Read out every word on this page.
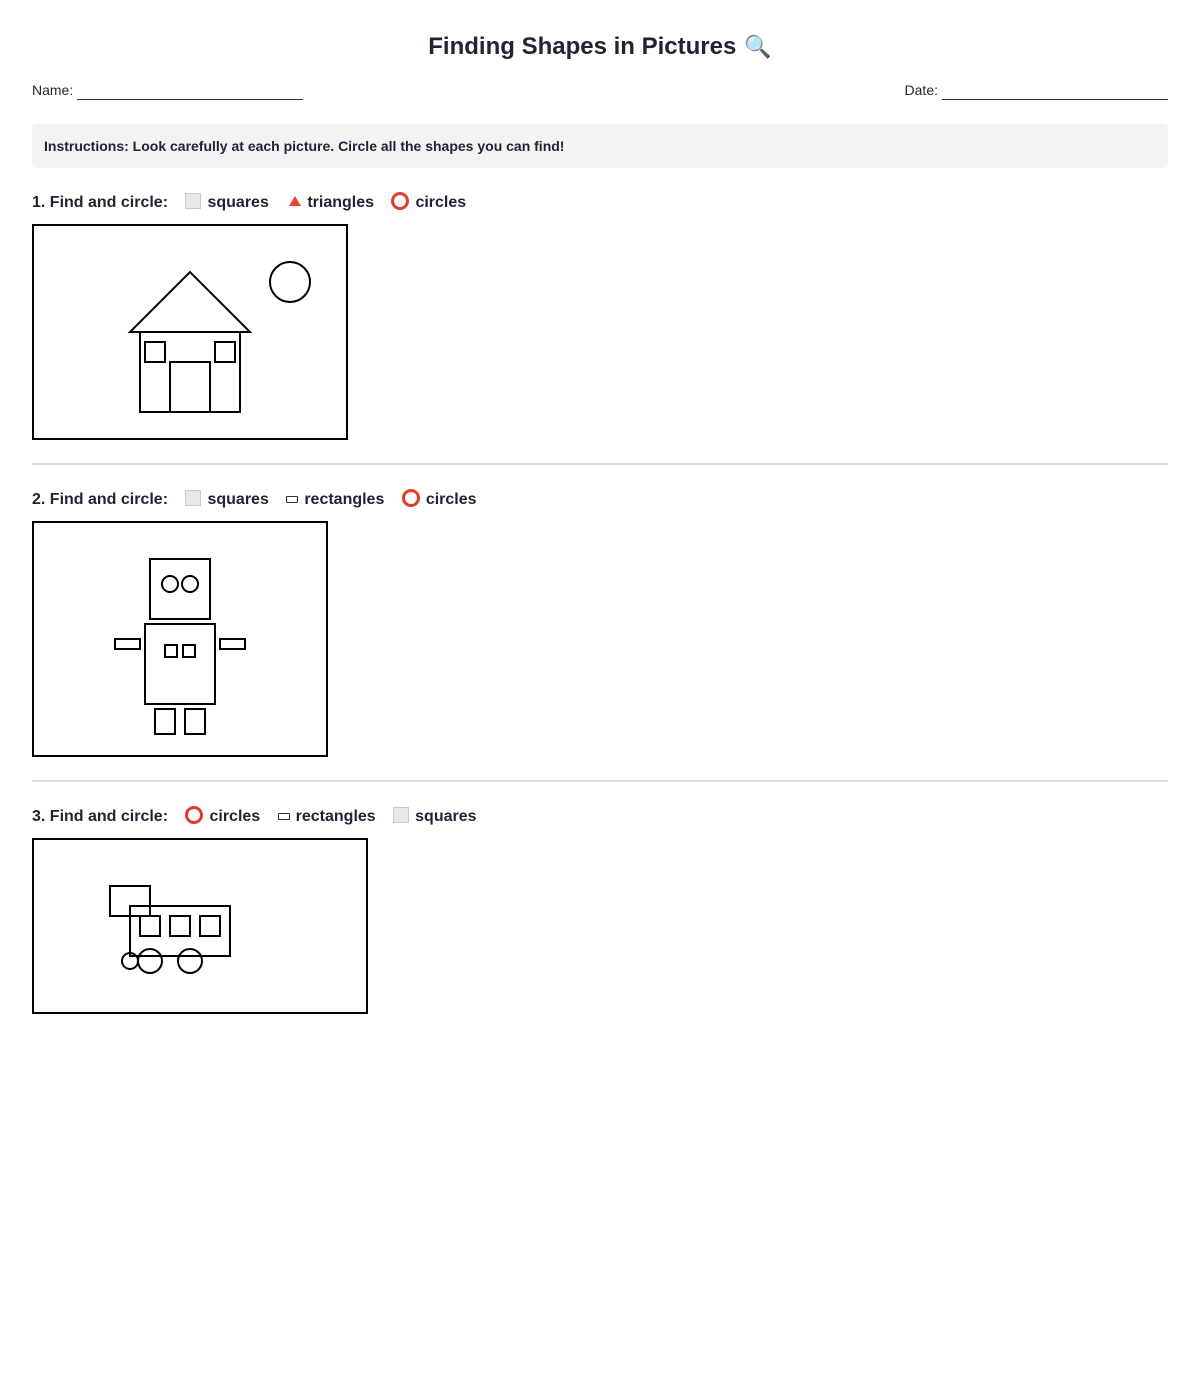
Finding Shapes in Pictures 🔍
Name:	Date:
Instructions: Look carefully at each picture. Circle all the shapes you can find!
1. Find and circle: squares triangles	circles
2. Find and circle: squares rectangles	circles
3. Find and circle:	circles rectangles squares
